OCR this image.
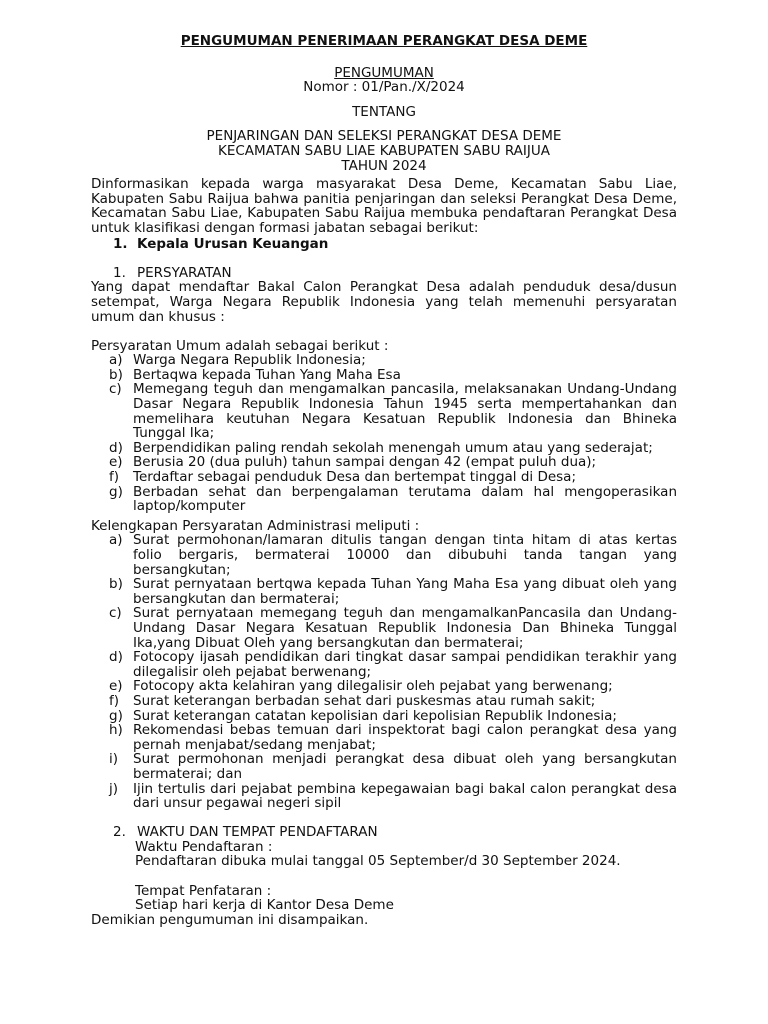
PENGUMUMAN PENERIMAAN PERANGKAT DESA DEME
PENGUMUMAN
Nomor : 01/Pan./X/2024
TENTANG
PENJARINGAN DAN SELEKSI PERANGKAT DESA DEME
KECAMATAN SABU LIAE KABUPATEN SABU RAIJUA
TAHUN 2024
Dinformasikan kepada warga masyarakat Desa Deme, Kecamatan Sabu Liae, Kabupaten Sabu Raijua bahwa panitia penjaringan dan seleksi Perangkat Desa Deme, Kecamatan Sabu Liae, Kabupaten Sabu Raijua membuka pendaftaran Perangkat Desa untuk klasifikasi dengan formasi jabatan sebagai berikut:
1. Kepala Urusan Keuangan
1. PERSYARATAN
Yang dapat mendaftar Bakal Calon Perangkat Desa adalah penduduk desa/dusun setempat, Warga Negara Republik Indonesia yang telah memenuhi persyaratan umum dan khusus :
Persyaratan Umum adalah sebagai berikut :
a) Warga Negara Republik Indonesia;
b) Bertaqwa kepada Tuhan Yang Maha Esa
c) Memegang teguh dan mengamalkan pancasila, melaksanakan Undang-Undang Dasar Negara Republik Indonesia Tahun 1945 serta mempertahankan dan memelihara keutuhan Negara Kesatuan Republik Indonesia dan Bhineka Tunggal Ika;
d) Berpendidikan paling rendah sekolah menengah umum atau yang sederajat;
e) Berusia 20 (dua puluh) tahun sampai dengan 42 (empat puluh dua);
f)	Terdaftar sebagai penduduk Desa dan bertempat tinggal di Desa;
g) Berbadan sehat dan berpengalaman terutama dalam hal mengoperasikan laptop/komputer
Kelengkapan Persyaratan Administrasi meliputi :
a) Surat permohonan/lamaran ditulis tangan dengan tinta hitam di atas kertas folio bergaris, bermaterai 10000 dan dibubuhi tanda tangan yang bersangkutan;
b) Surat pernyataan bertqwa kepada Tuhan Yang Maha Esa yang dibuat oleh yang bersangkutan dan bermaterai;
c) Surat pernyataan memegang teguh dan mengamalkanPancasila dan Undang-Undang Dasar Negara Kesatuan Republik Indonesia Dan Bhineka Tunggal Ika,yang Dibuat Oleh yang bersangkutan dan bermaterai;
d) Fotocopy ijasah pendidikan dari tingkat dasar sampai pendidikan terakhir yang dilegalisir oleh pejabat berwenang;
e) Fotocopy akta kelahiran yang dilegalisir oleh pejabat yang berwenang;
f)	Surat keterangan berbadan sehat dari puskesmas atau rumah sakit;
g) Surat keterangan catatan kepolisian dari kepolisian Republik Indonesia;
h) Rekomendasi bebas temuan dari inspektorat bagi calon perangkat desa yang pernah menjabat/sedang menjabat;
i)	Surat permohonan menjadi perangkat desa dibuat oleh yang bersangkutan bermaterai; dan
j)	Ijin tertulis dari pejabat pembina kepegawaian bagi bakal calon perangkat desa dari unsur pegawai negeri sipil
2. WAKTU DAN TEMPAT PENDAFTARAN
Waktu Pendaftaran :
Pendaftaran dibuka mulai tanggal 05 September/d 30 September 2024.
Tempat Penfataran :
Setiap hari kerja di Kantor Desa Deme
Demikian pengumuman ini disampaikan.
